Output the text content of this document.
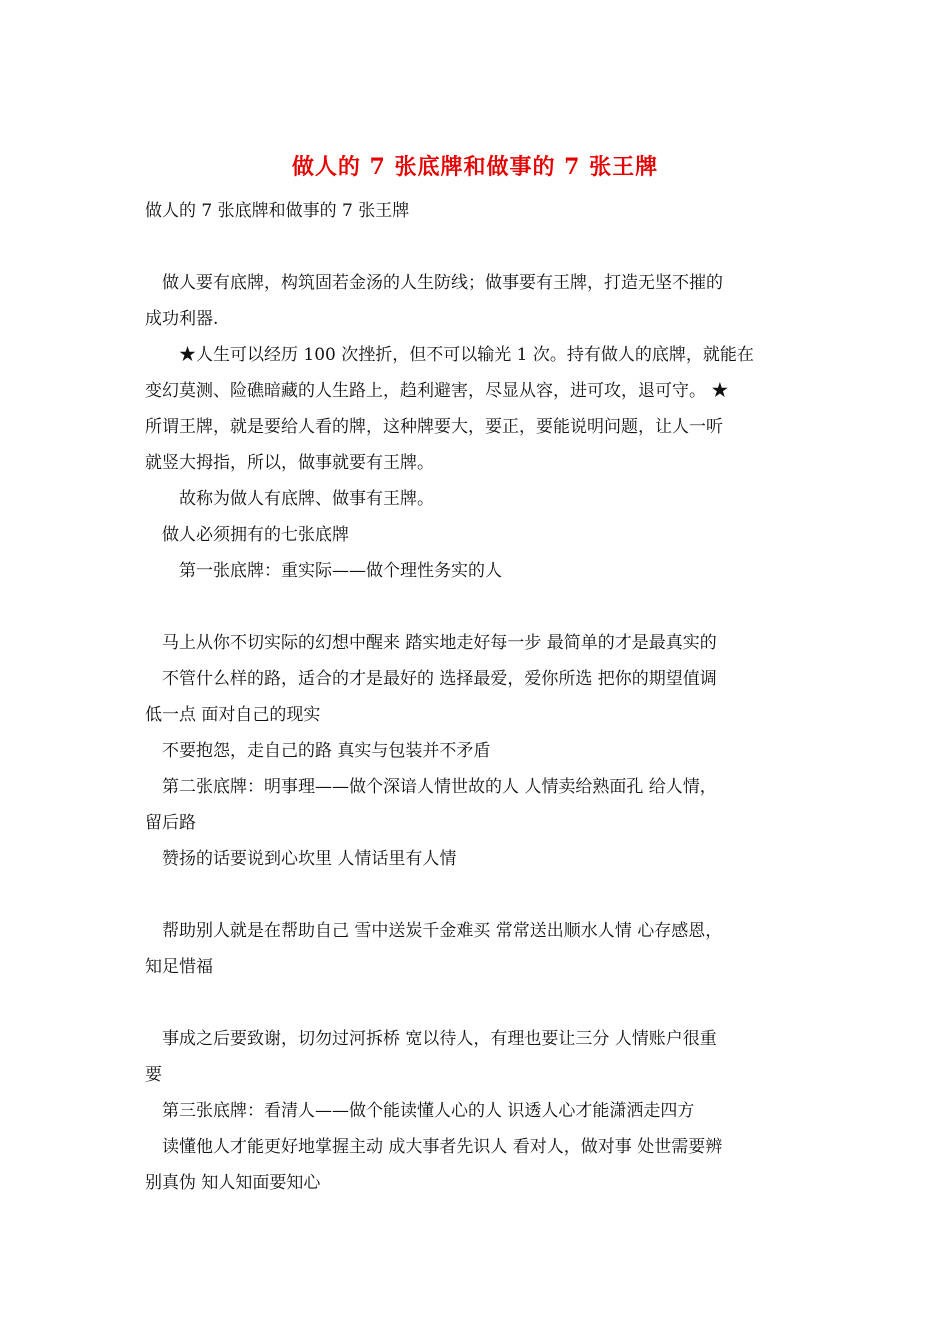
做人的 7 张底牌和做事的 7 张王牌
做人的 7 张底牌和做事的 7 张王牌
　做人要有底牌，构筑固若金汤的人生防线；做事要有王牌，打造无坚不摧的
成功利器.
　　★人生可以经历 100 次挫折，但不可以输光 1 次。持有做人的底牌，就能在
变幻莫测、险礁暗藏的人生路上，趋利避害，尽显从容，进可攻，退可守。 ★
所谓王牌，就是要给人看的牌，这种牌要大，要正，要能说明问题，让人一听
就竖大拇指，所以，做事就要有王牌。
　　故称为做人有底牌、做事有王牌。
　做人必须拥有的七张底牌
　　第一张底牌：重实际——做个理性务实的人
　马上从你不切实际的幻想中醒来 踏实地走好每一步 最简单的才是最真实的
　不管什么样的路，适合的才是最好的 选择最爱，爱你所选 把你的期望值调
低一点 面对自己的现实
　不要抱怨，走自己的路 真实与包装并不矛盾
　第二张底牌：明事理——做个深谙人情世故的人 人情卖给熟面孔 给人情，
留后路
　赞扬的话要说到心坎里 人情话里有人情
　帮助别人就是在帮助自己 雪中送炭千金难买 常常送出顺水人情 心存感恩，
知足惜福
　事成之后要致谢，切勿过河拆桥 宽以待人，有理也要让三分 人情账户很重
要
　第三张底牌：看清人——做个能读懂人心的人 识透人心才能潇洒走四方
　读懂他人才能更好地掌握主动 成大事者先识人 看对人，做对事 处世需要辨
别真伪 知人知面要知心
